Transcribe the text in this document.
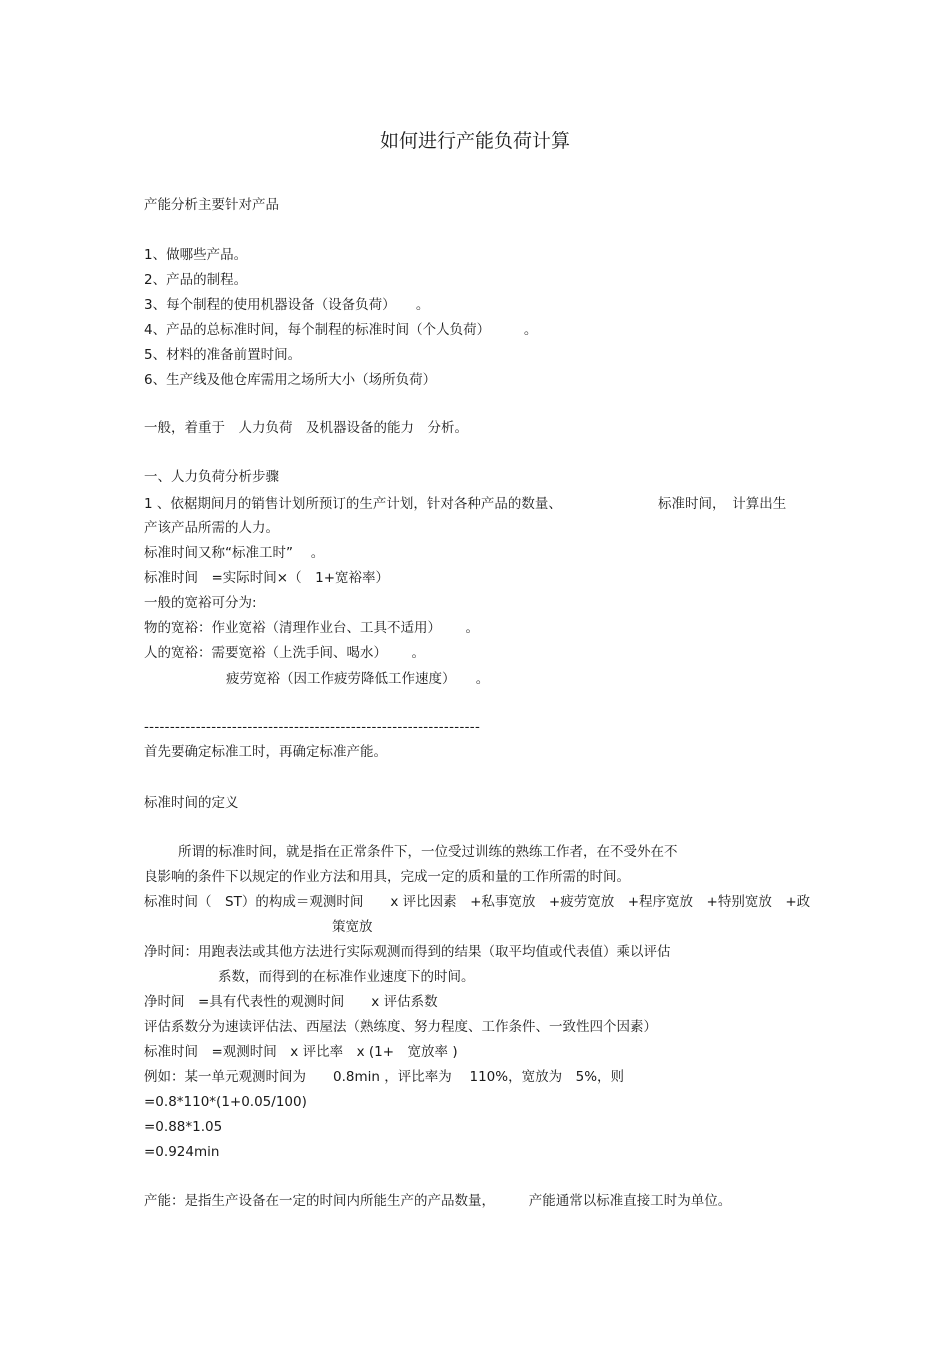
如何进行产能负荷计算
产能分析主要针对产品
1、做哪些产品。
2、产品的制程。
3、每个制程的使用机器设备（设备负荷）　　。
4、产品的总标准时间，每个制程的标准时间（个人负荷）　　　。
5、材料的准备前置时间。
6、生产线及他仓库需用之场所大小（场所负荷）
一般，着重于　人力负荷　及机器设备的能力　分析。
一、人力负荷分析步骤
1 、依椐期间月的销售计划所预订的生产计划，针对各种产品的数量、	标准时间，　计算出生
产该产品所需的人力。
标准时间又称“标准工时”　 。
标准时间　=实际时间×（　1+宽裕率）
一般的宽裕可分为:
物的宽裕：作业宽裕（清理作业台、工具不适用）　　 。
人的宽裕：需要宽裕（上洗手间、喝水）　　 。
疲劳宽裕（因工作疲劳降低工作速度）　　。
-----------------------------------------------------------------
首先要确定标准工时，再确定标准产能。
标准时间的定义
所谓的标准时间，就是指在正常条件下，一位受过训练的熟练工作者，在不受外在不
良影响的条件下以规定的作业方法和用具，完成一定的质和量的工作所需的时间。
标准时间（　ST）的构成＝观测时间　　x 评比因素　+私事宽放　+疲劳宽放　+程序宽放　+特别宽放　+政
策宽放
净时间：用跑表法或其他方法进行实际观测而得到的结果（取平均值或代表值）乘以评估
系数，而得到的在标准作业速度下的时间。
净时间　=具有代表性的观测时间　　x 评估系数
评估系数分为速读评估法、西屋法（熟练度、努力程度、工作条件、一致性四个因素）
标准时间　=观测时间　x 评比率　x (1+　宽放率 )
例如：某一单元观测时间为　　0.8min ，评比率为　 110%，宽放为　5%，则
=0.8*110*(1+0.05/100)
=0.88*1.05
=0.924min
产能：是指生产设备在一定的时间内所能生产的产品数量，　　　产能通常以标准直接工时为单位。
